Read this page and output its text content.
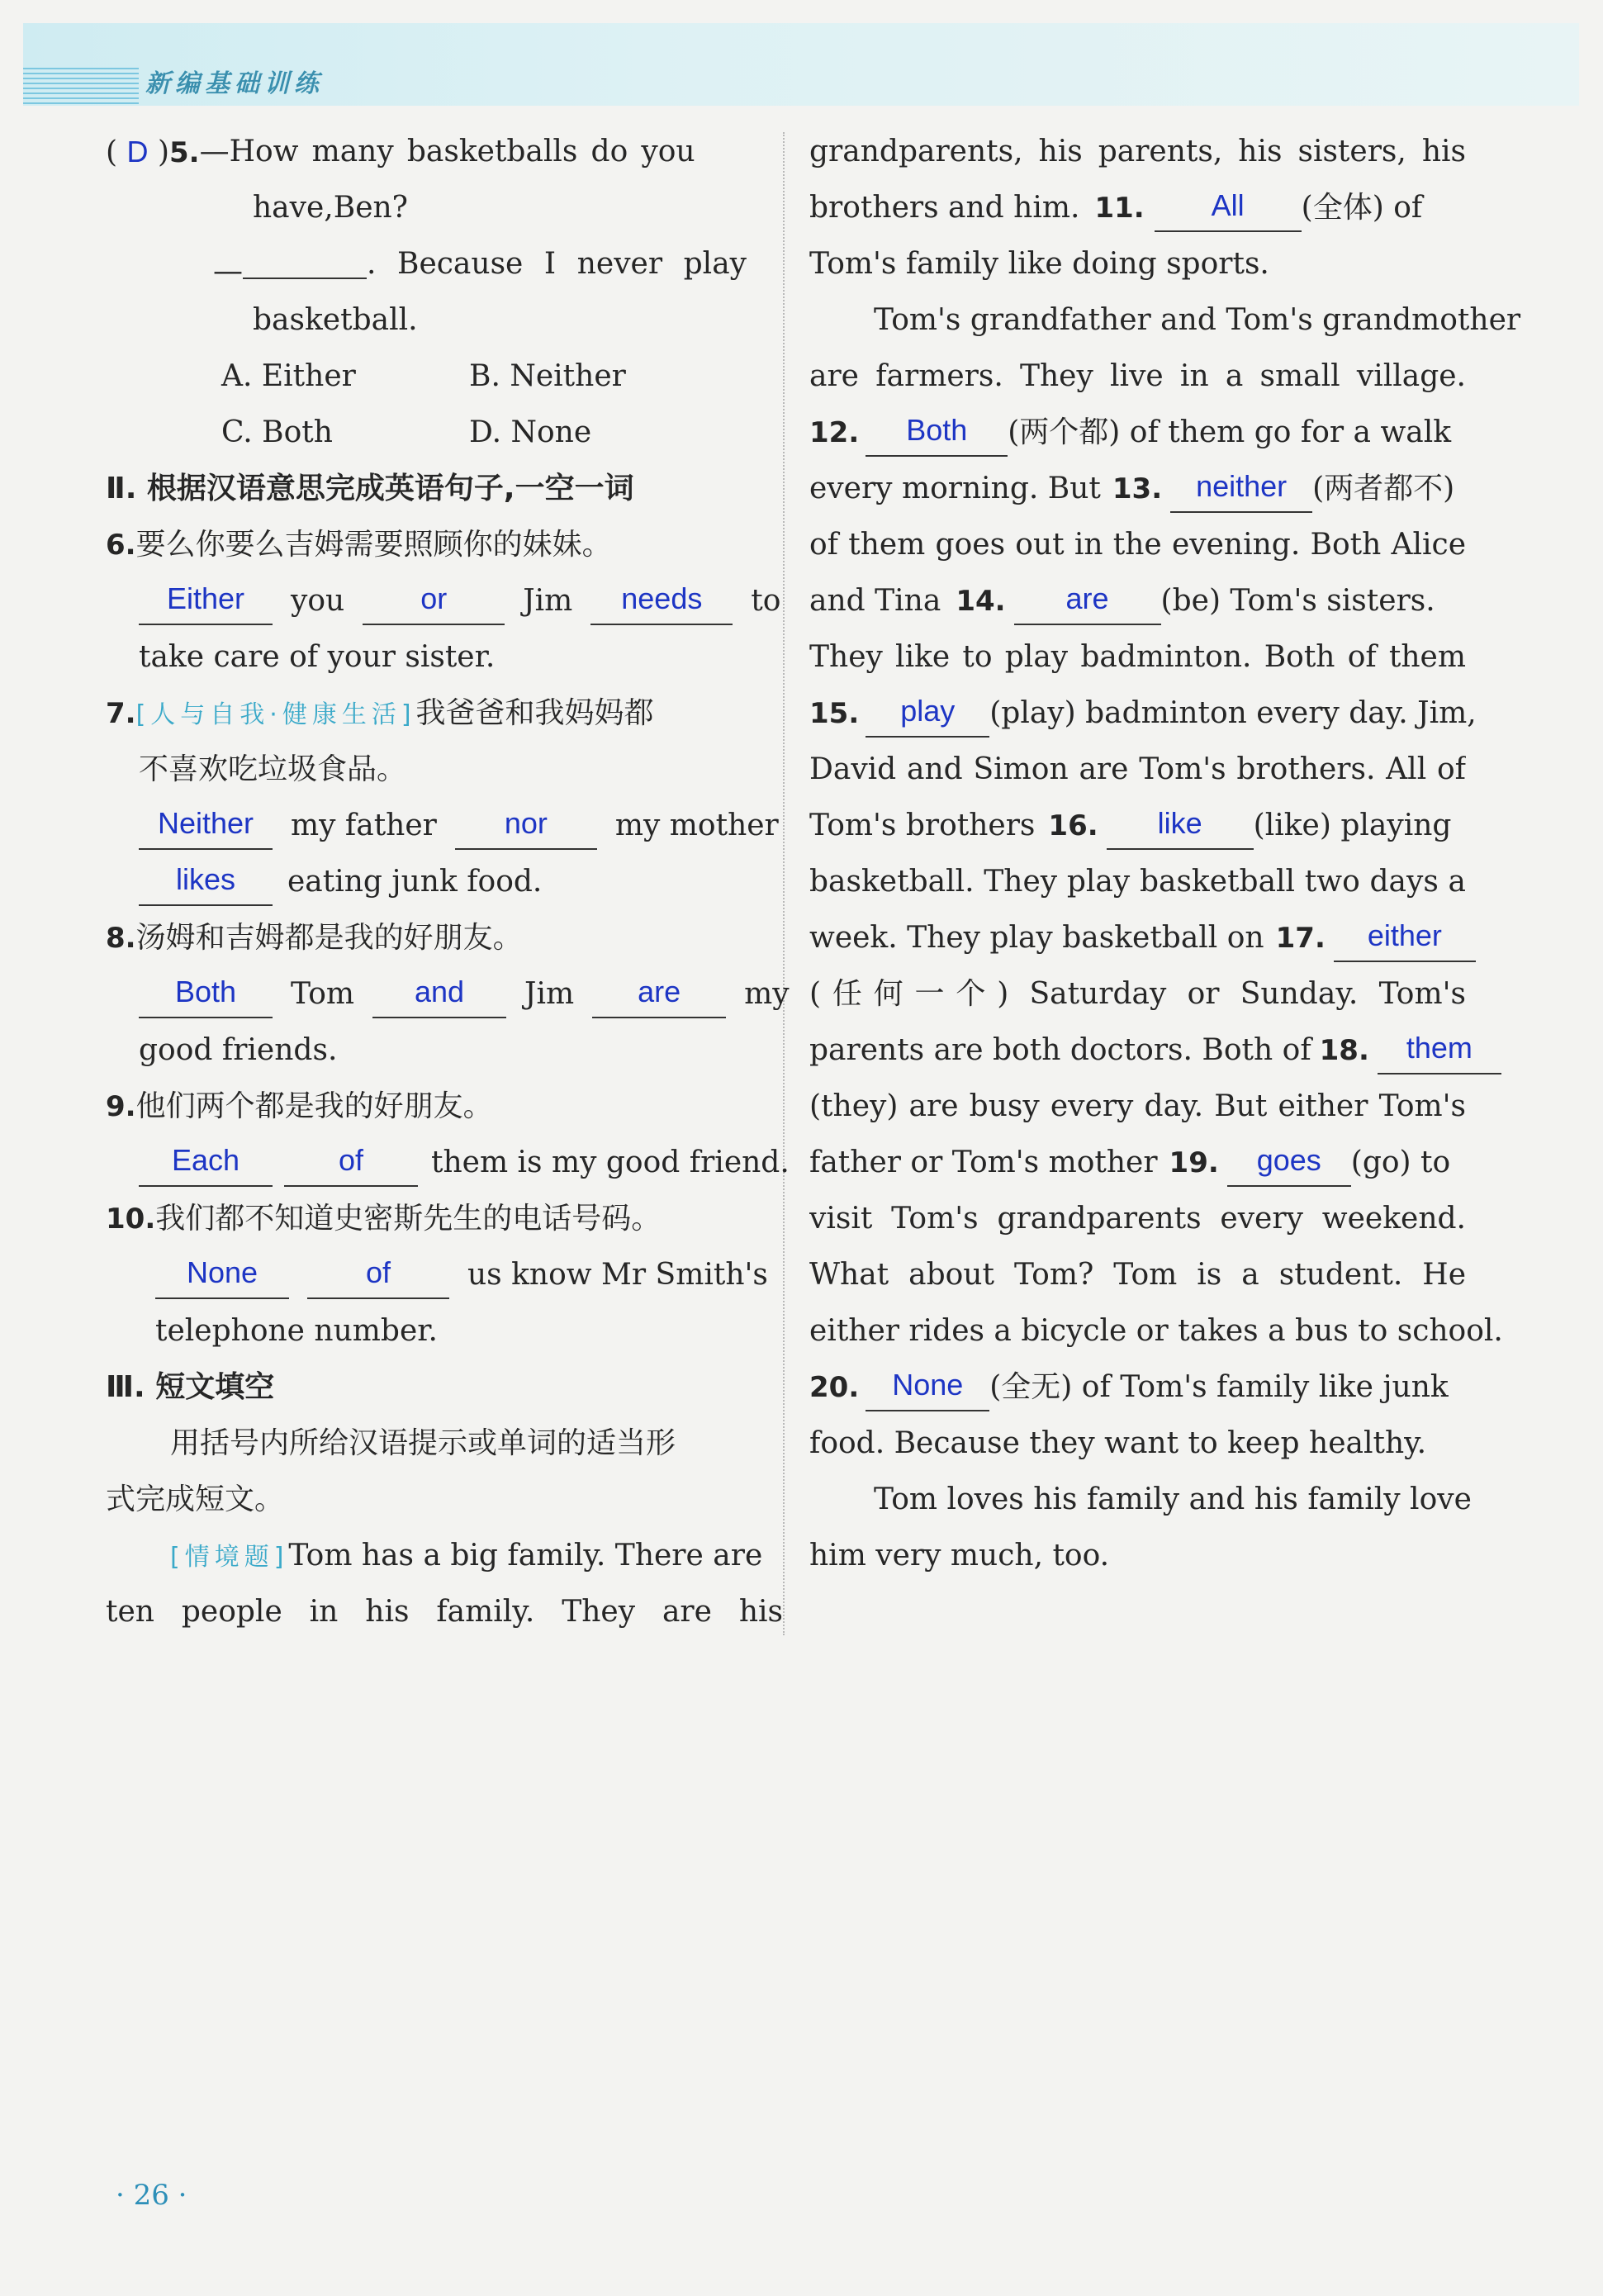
新编基础训练
( D )5.—How many basketballs do you
have,Ben?
—	. Because I never play
basketball.
A. Either	B. Neither
C. Both	D. None
Ⅱ. 根据汉语意思完成英语句子,一空一词
6.要么你要么吉姆需要照顾你的妹妹。
Either you	or	Jim needs to
take care of your sister.
7.[人与自我·健康生活]我爸爸和我妈妈都
不喜欢吃垃圾食品。
Neither my father nor my mother
likes eating junk food.
8.汤姆和吉姆都是我的好朋友。
Both Tom and Jim are my
good friends.
9.他们两个都是我的好朋友。
Each	of them is my good friend.
10.我们都不知道史密斯先生的电话号码。
None	of	us know Mr Smith's
telephone number.
Ⅲ. 短文填空
用括号内所给汉语提示或单词的适当形
式完成短文。
[情境题]Tom has a big family. There are
ten people in his family. They are his
grandparents, his parents, his sisters, his
brothers and him. 11. All (全体) of
Tom's family like doing sports.
Tom's grandfather and Tom's grandmother
are farmers. They live in a small village.
12. Both (两个都) of them go for a walk
every morning. But 13. neither (两者都不)
of them goes out in the evening. Both Alice
and Tina 14. are (be) Tom's sisters.
They like to play badminton. Both of them
15. play (play) badminton every day. Jim,
David and Simon are Tom's brothers. All of
Tom's brothers 16. like (like) playing
basketball. They play basketball two days a
week. They play basketball on 17. either
(任何一个) Saturday or Sunday. Tom's
parents are both doctors. Both of 18. them
(they) are busy every day. But either Tom's
father or Tom's mother 19. goes (go) to
visit Tom's grandparents every weekend.
What about Tom? Tom is a student. He
either rides a bicycle or takes a bus to school.
20. None (全无) of Tom's family like junk
food. Because they want to keep healthy.
Tom loves his family and his family love
him very much, too.
· 26 ·
